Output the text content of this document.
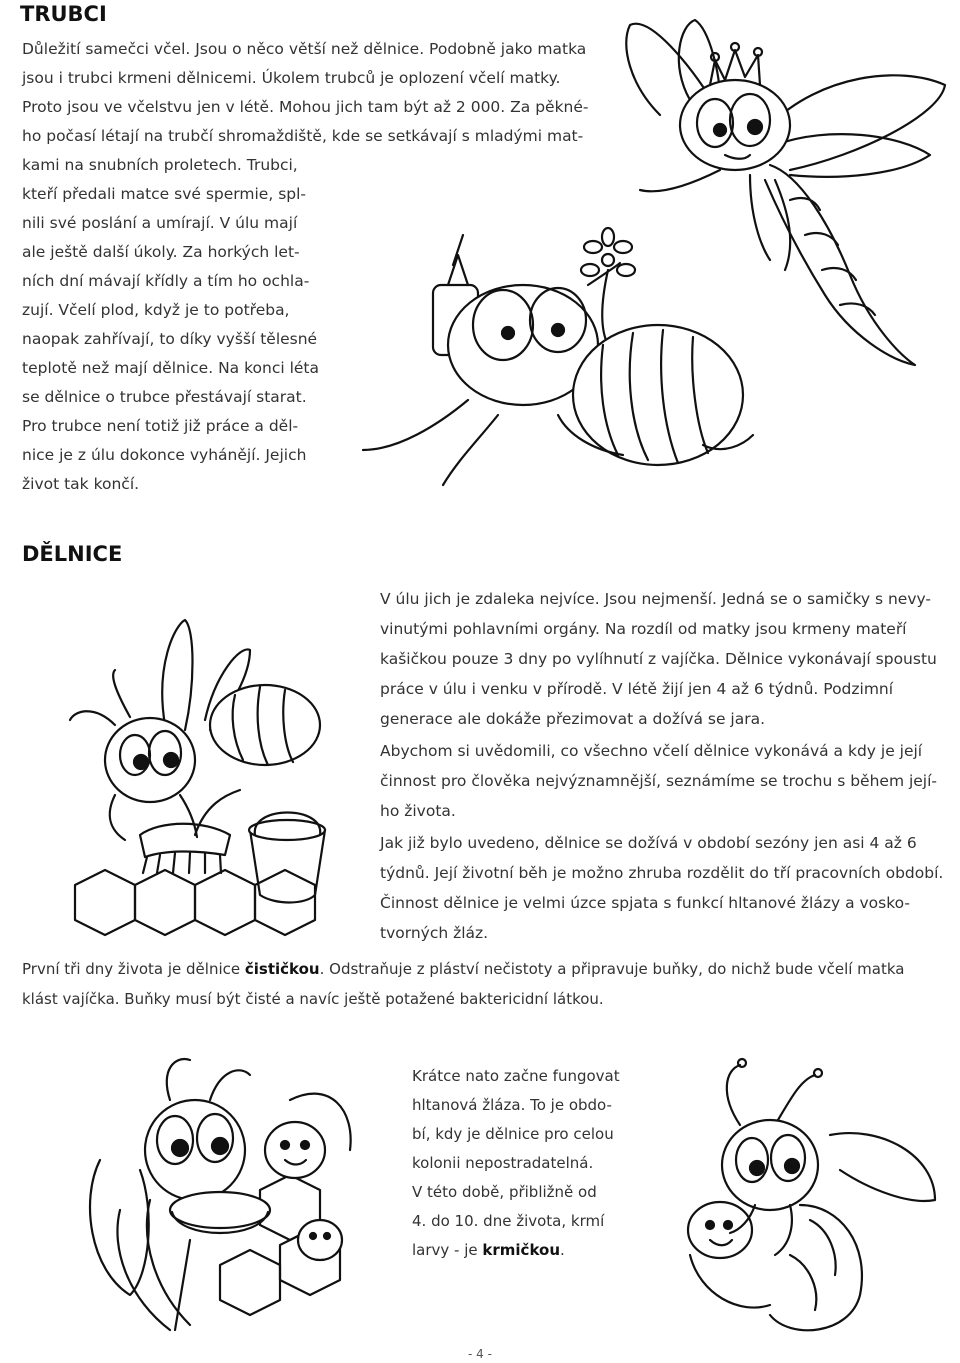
TRUBCI
Důležití samečci včel. Jsou o něco větší než dělnice. Podobně jako matka
jsou i trubci krmeni dělnicemi. Úkolem trubců je oplození včelí matky.
Proto jsou ve včelstvu jen v létě. Mohou jich tam být až 2 000. Za pěkné-
ho počasí létají na trubčí shromaždiště, kde se setkávají s mladými mat-
kami na snubních proletech. Trubci,
kteří předali matce své spermie, spl-
nili své poslání a umírají. V úlu mají
ale ještě další úkoly. Za horkých let-
ních dní mávají křídly a tím ho ochla-
zují. Včelí plod, když je to potřeba,
naopak zahřívají, to díky vyšší tělesné
teplotě než mají dělnice. Na konci léta
se dělnice o trubce přestávají starat.
Pro trubce není totiž již práce a děl-
nice je z úlu dokonce vyhánějí. Jejich
život tak končí.
DĚLNICE
V úlu jich je zdaleka nejvíce. Jsou nejmenší. Jedná se o samičky s nevy-
vinutými pohlavními orgány. Na rozdíl od matky jsou krmeny mateří
kašičkou pouze 3 dny po vylíhnutí z vajíčka. Dělnice vykonávají spoustu
práce v úlu i venku v přírodě. V létě žijí jen 4 až 6 týdnů. Podzimní
generace ale dokáže přezimovat a dožívá se jara.
Abychom si uvědomili, co všechno včelí dělnice vykonává a kdy je její
činnost pro člověka nejvýznamnější, seznámíme se trochu s během její-
ho života.
Jak již bylo uvedeno, dělnice se dožívá v období sezóny jen asi 4 až 6
týdnů. Její životní běh je možno zhruba rozdělit do tří pracovních období.
Činnost dělnice je velmi úzce spjata s funkcí hltanové žlázy a vosko-
tvorných žláz.
První tři dny života je dělnice čističkou. Odstraňuje z pláství nečistoty a připravuje buňky, do nichž bude včelí matka
klást vajíčka. Buňky musí být čisté a navíc ještě potažené baktericidní látkou.
Krátce nato začne fungovat
hltanová žláza. To je obdo-
bí, kdy je dělnice pro celou
kolonii nepostradatelná.
V této době, přibližně od
4. do 10. dne života, krmí
larvy - je krmičkou.
- 4 -
